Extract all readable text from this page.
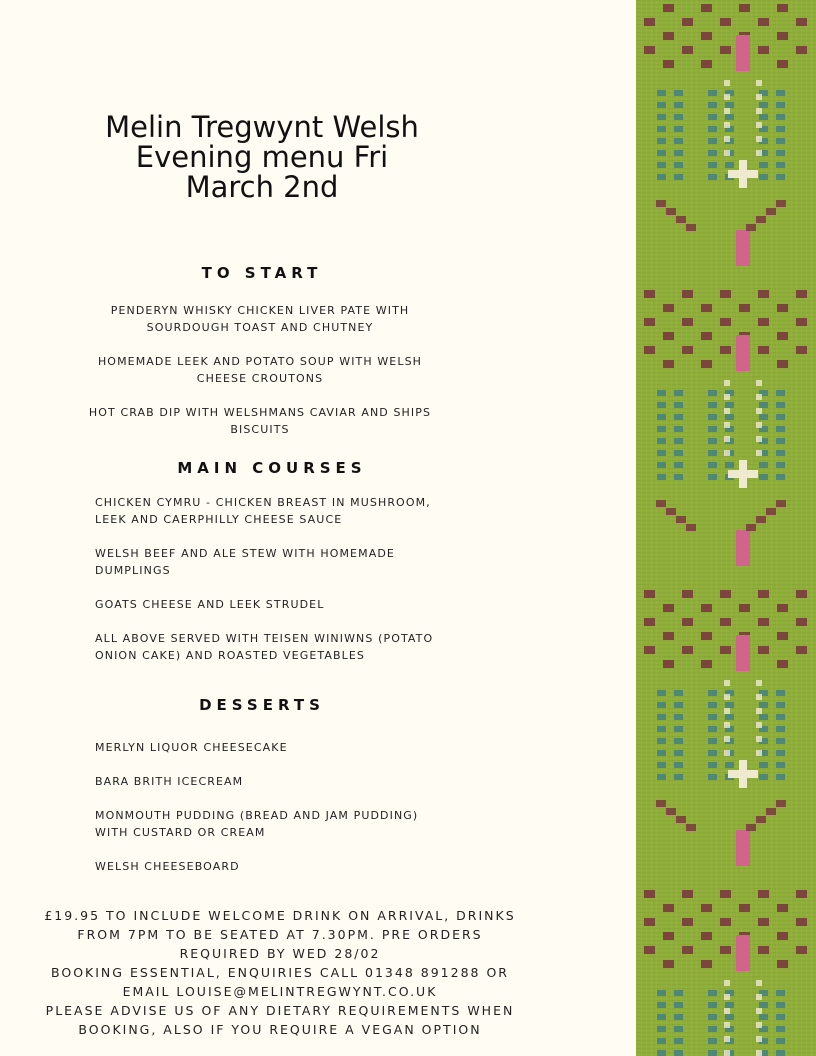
Melin Tregwynt Welsh
Evening menu Fri
March 2nd
TO START
PENDERYN WHISKY CHICKEN LIVER PATE WITH
SOURDOUGH TOAST AND CHUTNEY
HOMEMADE LEEK AND POTATO SOUP WITH WELSH
CHEESE CROUTONS
HOT CRAB DIP WITH WELSHMANS CAVIAR AND SHIPS
BISCUITS
MAIN COURSES
CHICKEN CYMRU - CHICKEN BREAST IN MUSHROOM,
LEEK AND CAERPHILLY CHEESE SAUCE
WELSH BEEF AND ALE STEW WITH HOMEMADE
DUMPLINGS
GOATS CHEESE AND LEEK STRUDEL
ALL ABOVE SERVED WITH TEISEN WINIWNS (POTATO
ONION CAKE) AND ROASTED VEGETABLES
DESSERTS
MERLYN LIQUOR CHEESECAKE
BARA BRITH ICECREAM
MONMOUTH PUDDING (BREAD AND JAM PUDDING)
WITH CUSTARD OR CREAM
WELSH CHEESEBOARD
£19.95 TO INCLUDE WELCOME DRINK ON ARRIVAL, DRINKS
FROM 7PM TO BE SEATED AT 7.30PM. PRE ORDERS
REQUIRED BY WED 28/02
BOOKING ESSENTIAL, ENQUIRIES CALL 01348 891288 OR
EMAIL LOUISE@MELINTREGWYNT.CO.UK
PLEASE ADVISE US OF ANY DIETARY REQUIREMENTS WHEN
BOOKING, ALSO IF YOU REQUIRE A VEGAN OPTION
